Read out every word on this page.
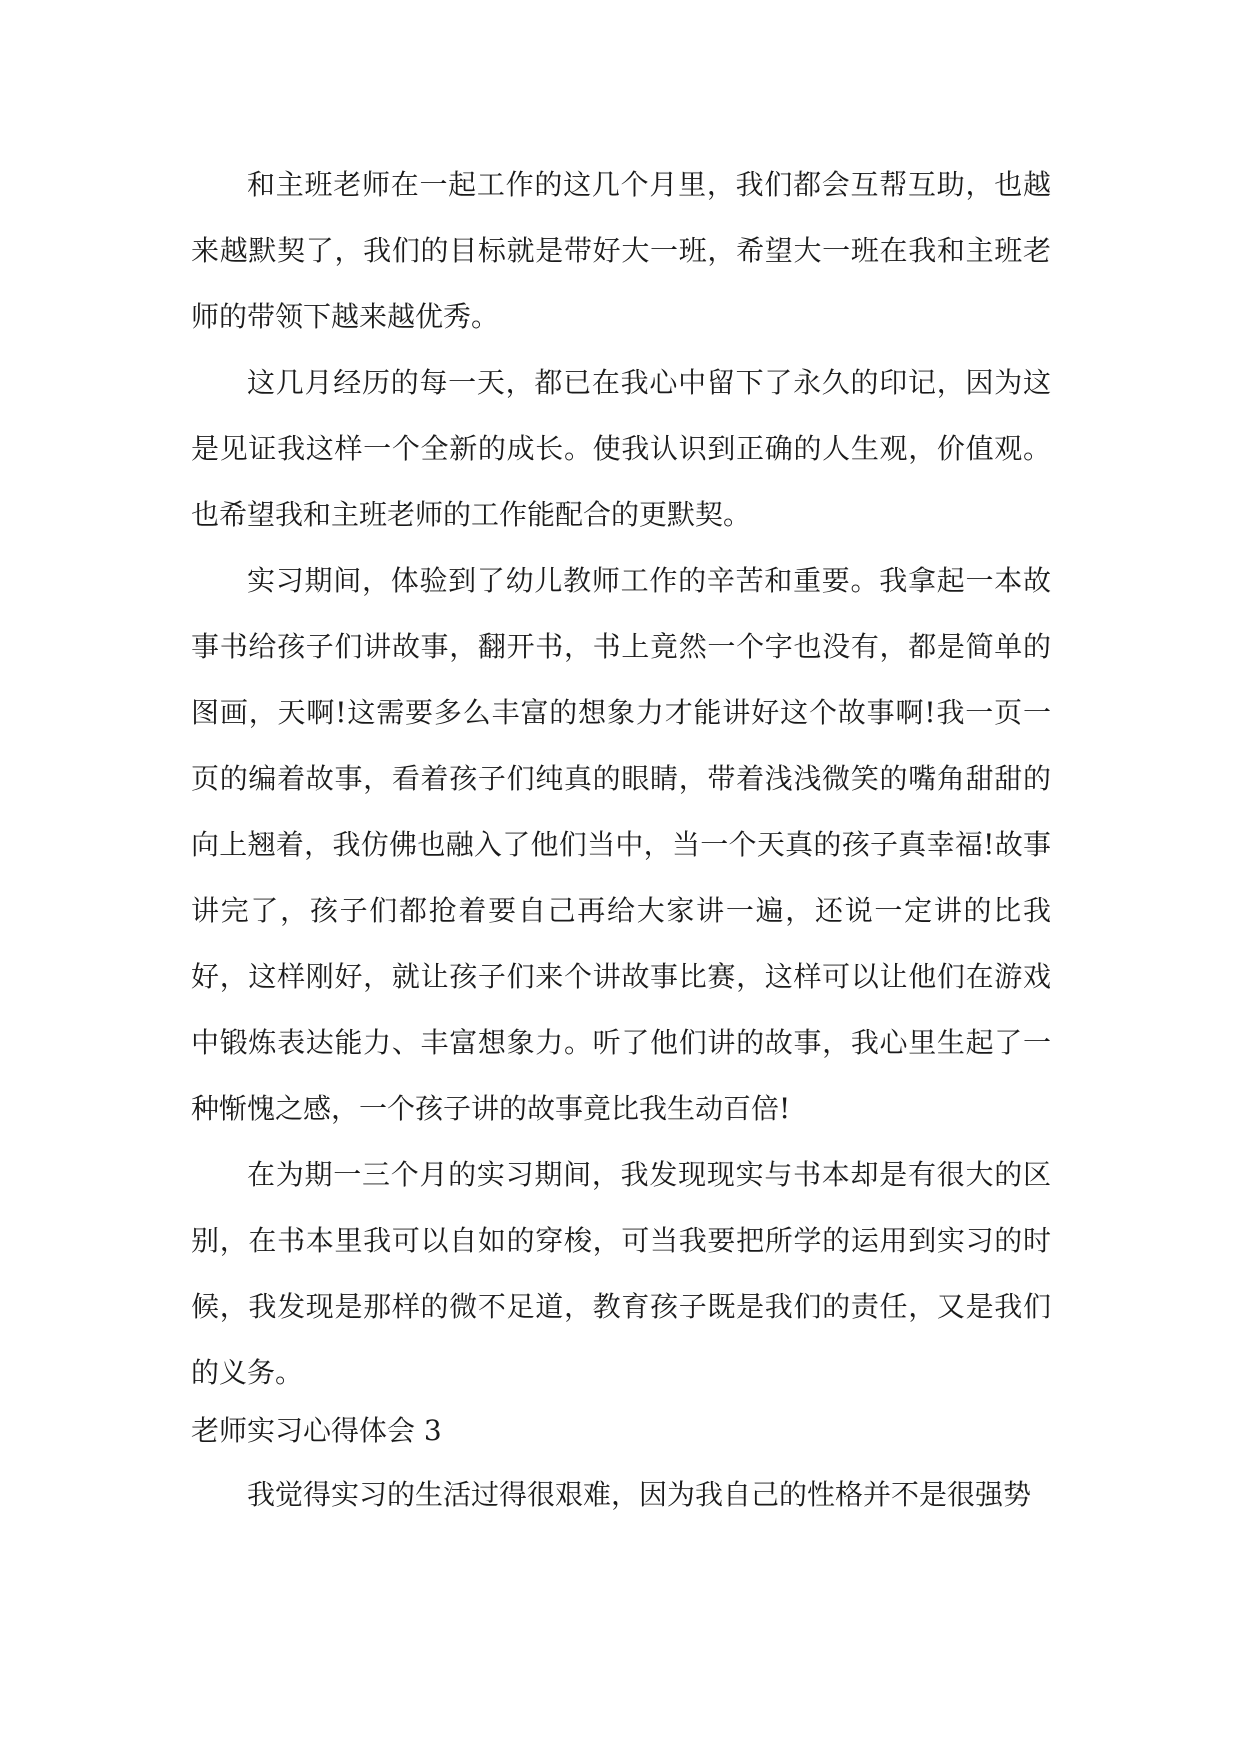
和主班老师在一起工作的这几个月里，我们都会互帮互助，也越来越默契了，我们的目标就是带好大一班，希望大一班在我和主班老师的带领下越来越优秀。

这几月经历的每一天，都已在我心中留下了永久的印记，因为这是见证我这样一个全新的成长。使我认识到正确的人生观，价值观。也希望我和主班老师的工作能配合的更默契。

实习期间，体验到了幼儿教师工作的辛苦和重要。我拿起一本故事书给孩子们讲故事，翻开书，书上竟然一个字也没有，都是简单的图画，天啊!这需要多么丰富的想象力才能讲好这个故事啊!我一页一页的编着故事，看着孩子们纯真的眼睛，带着浅浅微笑的嘴角甜甜的向上翘着，我仿佛也融入了他们当中，当一个天真的孩子真幸福!故事讲完了，孩子们都抢着要自己再给大家讲一遍，还说一定讲的比我好，这样刚好，就让孩子们来个讲故事比赛，这样可以让他们在游戏中锻炼表达能力、丰富想象力。听了他们讲的故事，我心里生起了一种惭愧之感，一个孩子讲的故事竟比我生动百倍!

在为期一三个月的实习期间，我发现现实与书本却是有很大的区别，在书本里我可以自如的穿梭，可当我要把所学的运用到实习的时候，我发现是那样的微不足道，教育孩子既是我们的责任，又是我们的义务。

老师实习心得体会 3

我觉得实习的生活过得很艰难，因为我自己的性格并不是很强势
